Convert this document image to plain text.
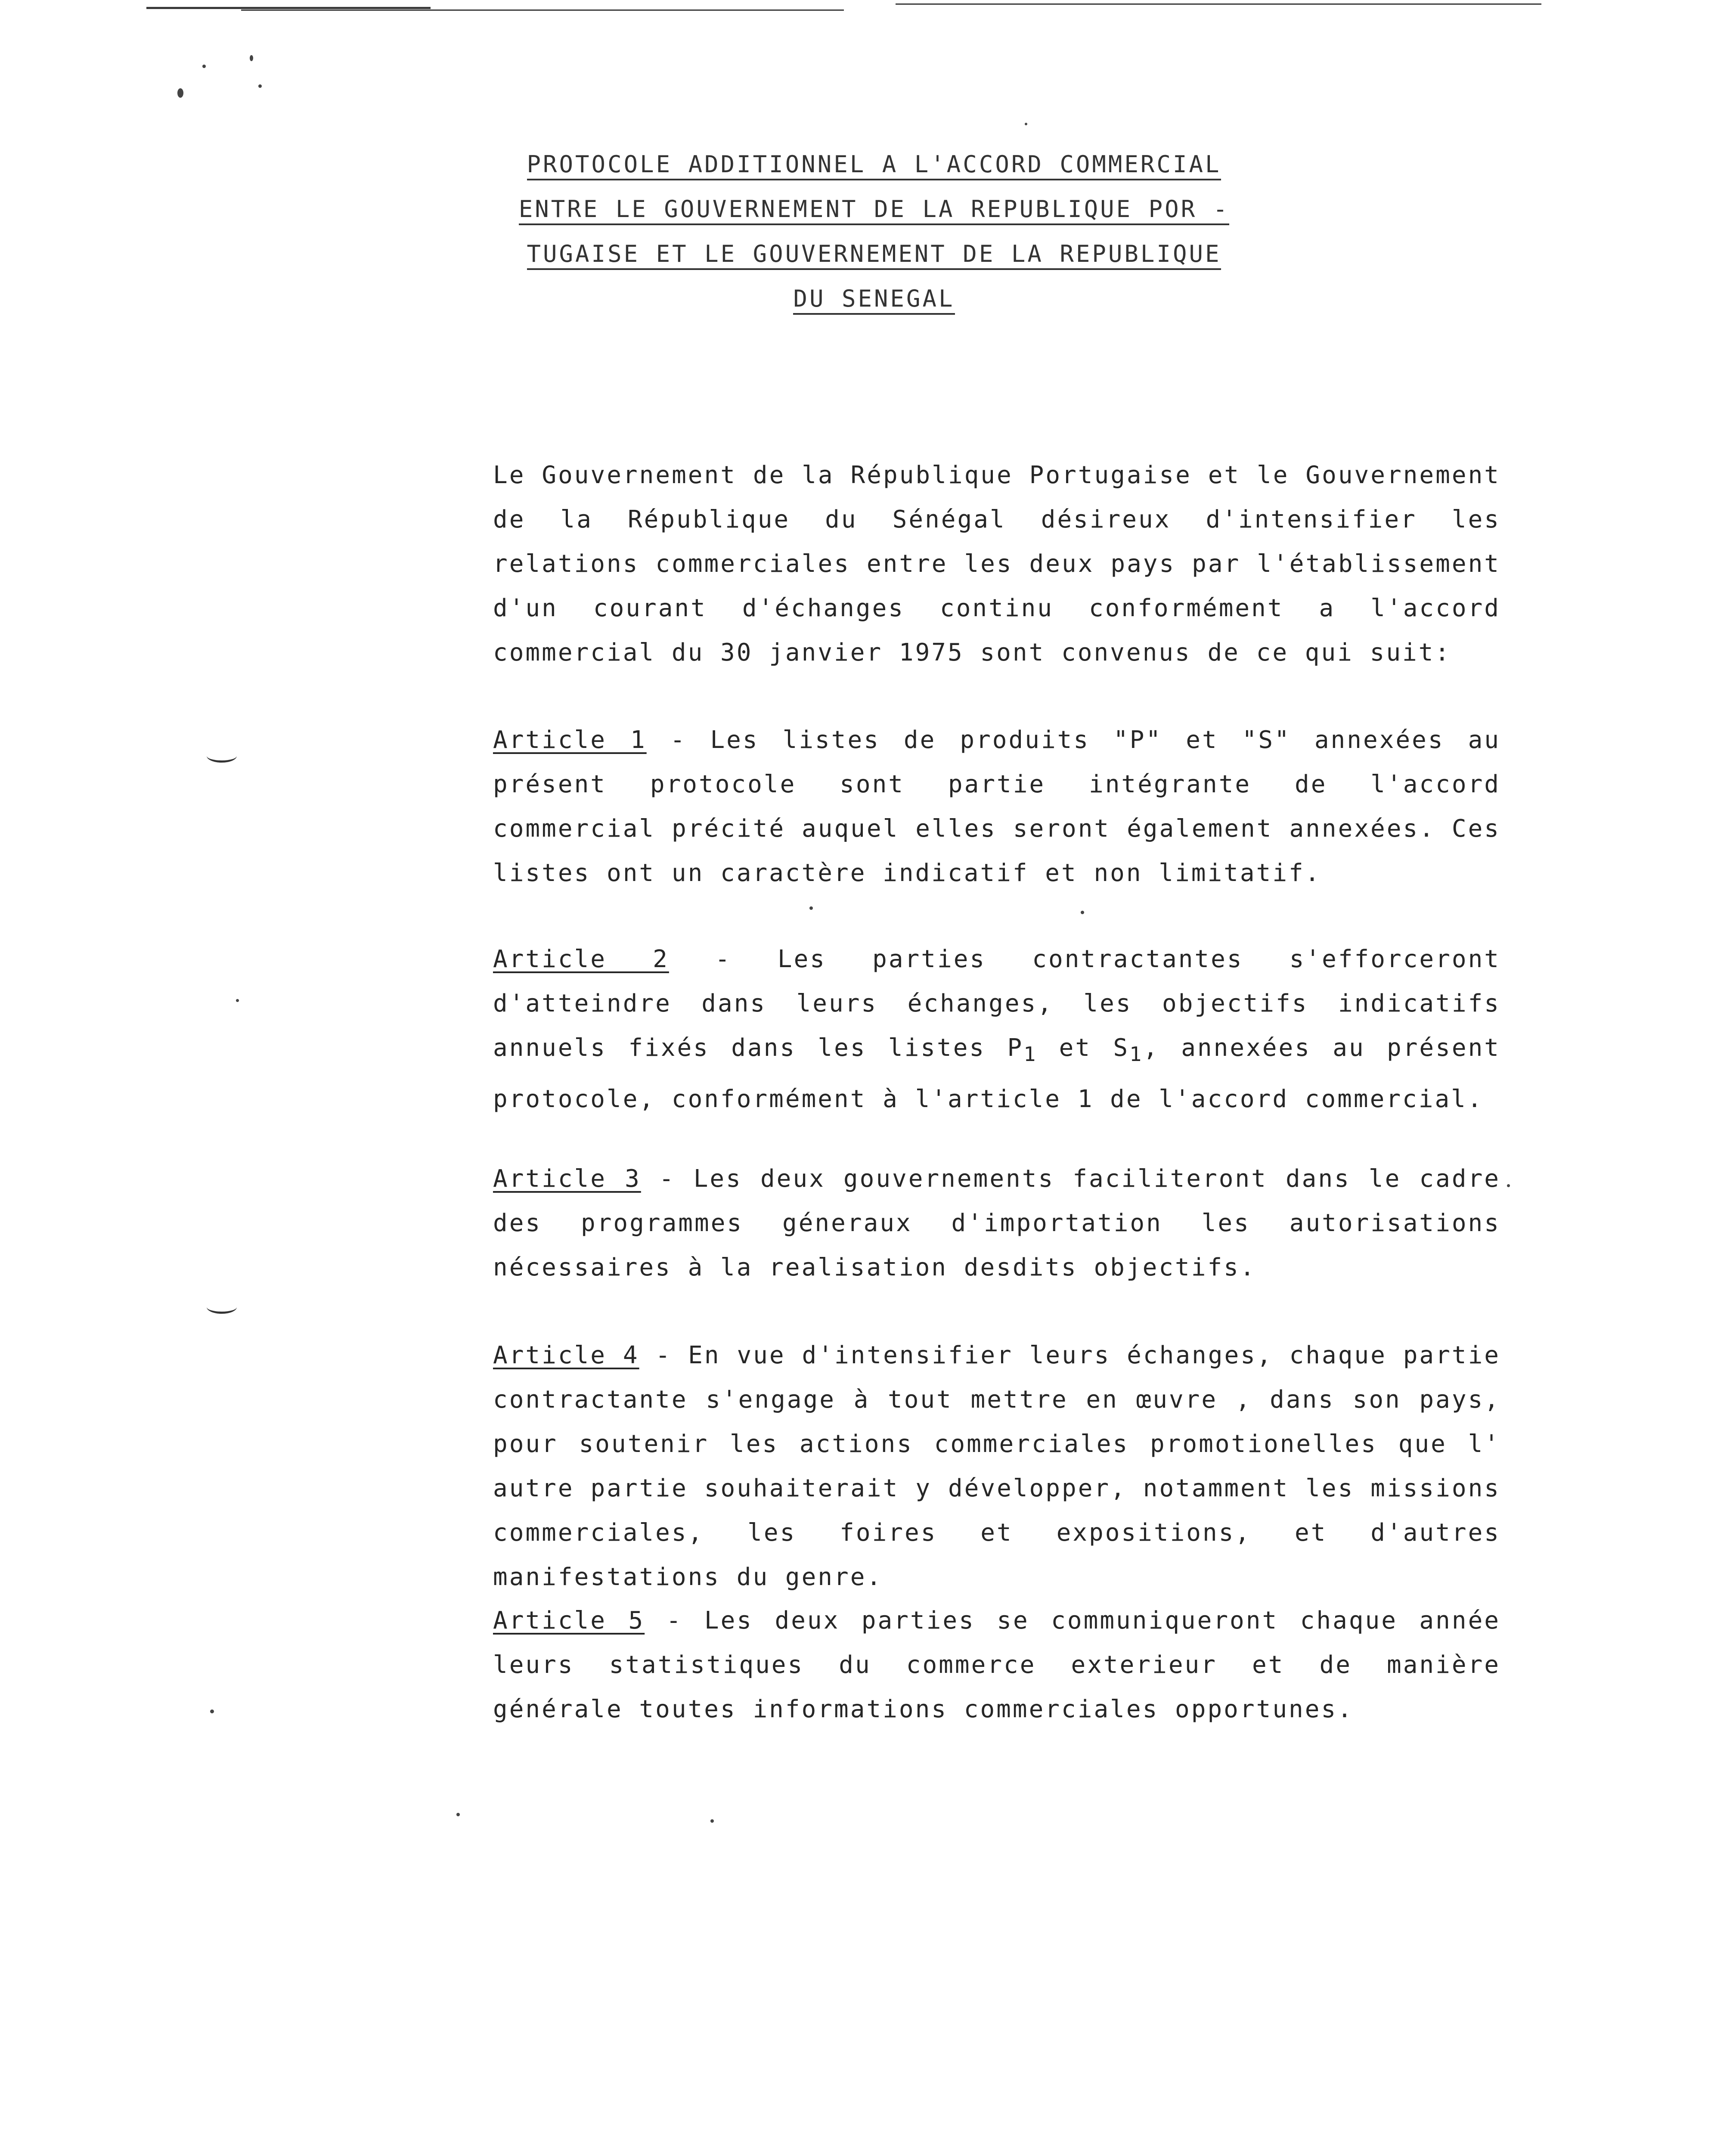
PROTOCOLE ADDITIONNEL A L'ACCORD COMMERCIAL
ENTRE LE GOUVERNEMENT DE LA REPUBLIQUE POR -
TUGAISE ET LE GOUVERNEMENT DE LA REPUBLIQUE
DU SENEGAL

Le Gouvernement de la République Portugaise et le Gouvernement de la République du Sénégal désireux d'intensifier les relations commerciales entre les deux pays par l'établissement d'un courant d'échanges continu conformément a l'accord commercial du 30 janvier 1975 sont convenus de ce qui suit:

Article 1 - Les listes de produits "P" et "S" annexées au présent protocole sont partie intégrante de l'accord commercial précité auquel elles seront également annexées. Ces listes ont un caractère indicatif et non limitatif.

Article 2 - Les parties contractantes s'efforceront d'atteindre dans leurs échanges, les objectifs indicatifs annuels fixés dans les listes $P_1$ et $S_1$, annexées au présent protocole, conformément à l'article 1 de l'accord commercial.

Article 3 - Les deux gouvernements faciliteront dans le cadre des programmes géneraux d'importation les autorisations nécessaires à la realisation desdits objectifs.

Article 4 - En vue d'intensifier leurs échanges, chaque partie contractante s'engage à tout mettre en œuvre , dans son pays, pour soutenir les actions commerciales promotionelles que l' autre partie souhaiterait y développer, notamment les missions commerciales, les foires et expositions, et d'autres manifestations du genre.

Article 5 - Les deux parties se communiqueront chaque année leurs statistiques du commerce exterieur et de manière générale toutes informations commerciales opportunes.
